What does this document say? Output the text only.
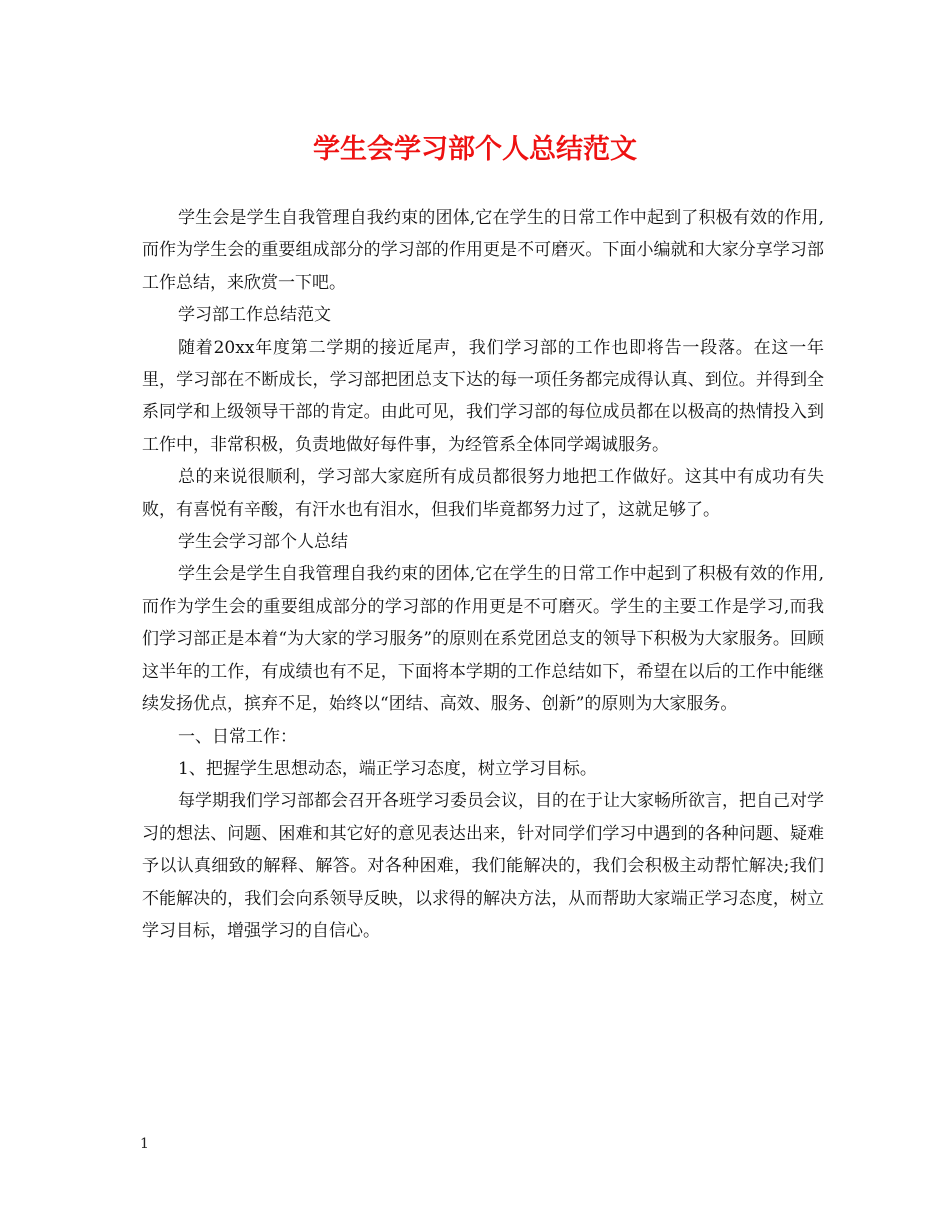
学生会学习部个人总结范文

学生会是学生自我管理自我约束的团体,它在学生的日常工作中起到了积极有效的作用,而作为学生会的重要组成部分的学习部的作用更是不可磨灭。下面小编就和大家分享学习部工作总结，来欣赏一下吧。

学习部工作总结范文

随着20xx年度第二学期的接近尾声，我们学习部的工作也即将告一段落。在这一年里，学习部在不断成长，学习部把团总支下达的每一项任务都完成得认真、到位。并得到全系同学和上级领导干部的肯定。由此可见，我们学习部的每位成员都在以极高的热情投入到工作中，非常积极，负责地做好每件事，为经管系全体同学竭诚服务。

总的来说很顺利，学习部大家庭所有成员都很努力地把工作做好。这其中有成功有失败，有喜悦有辛酸，有汗水也有泪水，但我们毕竟都努力过了，这就足够了。

学生会学习部个人总结

学生会是学生自我管理自我约束的团体,它在学生的日常工作中起到了积极有效的作用,而作为学生会的重要组成部分的学习部的作用更是不可磨灭。学生的主要工作是学习,而我们学习部正是本着“为大家的学习服务”的原则在系党团总支的领导下积极为大家服务。回顾这半年的工作，有成绩也有不足，下面将本学期的工作总结如下，希望在以后的工作中能继续发扬优点，摈弃不足，始终以“团结、高效、服务、创新”的原则为大家服务。

一、日常工作：

1、把握学生思想动态，端正学习态度，树立学习目标。

每学期我们学习部都会召开各班学习委员会议，目的在于让大家畅所欲言，把自己对学习的想法、问题、困难和其它好的意见表达出来，针对同学们学习中遇到的各种问题、疑难予以认真细致的解释、解答。对各种困难，我们能解决的，我们会积极主动帮忙解决;我们不能解决的，我们会向系领导反映，以求得的解决方法，从而帮助大家端正学习态度，树立学习目标，增强学习的自信心。

1
